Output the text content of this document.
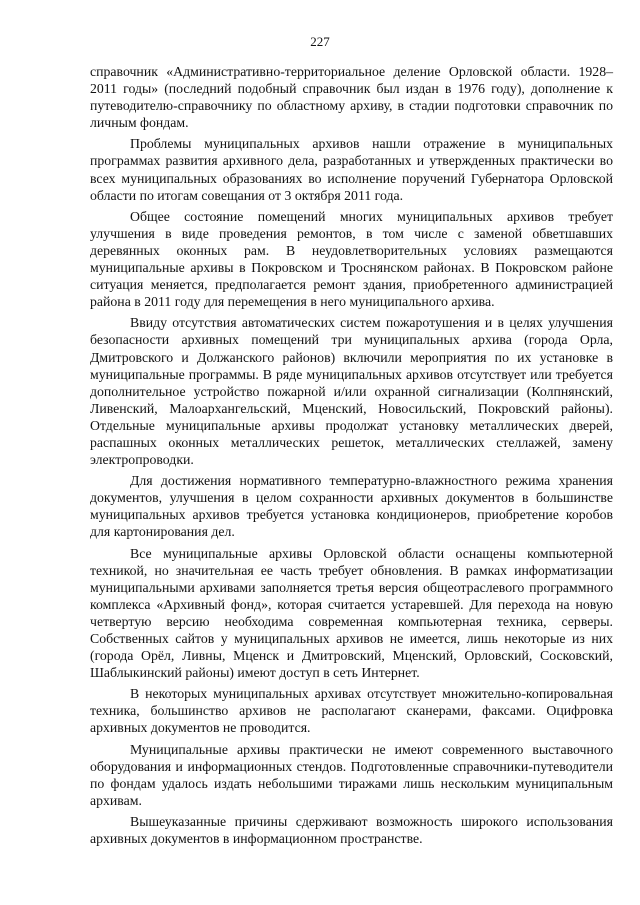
227

справочник «Административно-территориальное деление Орловской области. 1928–2011 годы» (последний подобный справочник был издан в 1976 году), дополнение к путеводителю-справочнику по областному архиву, в стадии подготовки справочник по личным фондам.

Проблемы муниципальных архивов нашли отражение в муниципальных программах развития архивного дела, разработанных и утвержденных практически во всех муниципальных образованиях во исполнение поручений Губернатора Орловской области по итогам совещания от 3 октября 2011 года.

Общее состояние помещений многих муниципальных архивов требует улучшения в виде проведения ремонтов, в том числе с заменой обветшавших деревянных оконных рам. В неудовлетворительных условиях размещаются муниципальные архивы в Покровском и Троснянском районах. В Покровском районе ситуация меняется, предполагается ремонт здания, приобретенного администрацией района в 2011 году для перемещения в него муниципального архива.

Ввиду отсутствия автоматических систем пожаротушения и в целях улучшения безопасности архивных помещений три муниципальных архива (города Орла, Дмитровского и Должанского районов) включили мероприятия по их установке в муниципальные программы. В ряде муниципальных архивов отсутствует или требуется дополнительное устройство пожарной и/или охранной сигнализации (Колпнянский, Ливенский, Малоархангельский, Мценский, Новосильский, Покровский районы). Отдельные муниципальные архивы продолжат установку металлических дверей, распашных оконных металлических решеток, металлических стеллажей, замену электропроводки.

Для достижения нормативного температурно-влажностного режима хранения документов, улучшения в целом сохранности архивных документов в большинстве муниципальных архивов требуется установка кондиционеров, приобретение коробов для картонирования дел.

Все муниципальные архивы Орловской области оснащены компьютерной техникой, но значительная ее часть требует обновления. В рамках информатизации муниципальными архивами заполняется третья версия общеотраслевого программного комплекса «Архивный фонд», которая считается устаревшей. Для перехода на новую четвертую версию необходима современная компьютерная техника, серверы. Собственных сайтов у муниципальных архивов не имеется, лишь некоторые из них (города Орёл, Ливны, Мценск и Дмитровский, Мценский, Орловский, Сосковский, Шаблыкинский районы) имеют доступ в сеть Интернет.

В некоторых муниципальных архивах отсутствует множительно-копировальная техника, большинство архивов не располагают сканерами, факсами. Оцифровка архивных документов не проводится.

Муниципальные архивы практически не имеют современного выставочного оборудования и информационных стендов. Подготовленные справочники-путеводители по фондам удалось издать небольшими тиражами лишь нескольким муниципальным архивам.

Вышеуказанные причины сдерживают возможность широкого использования архивных документов в информационном пространстве.
